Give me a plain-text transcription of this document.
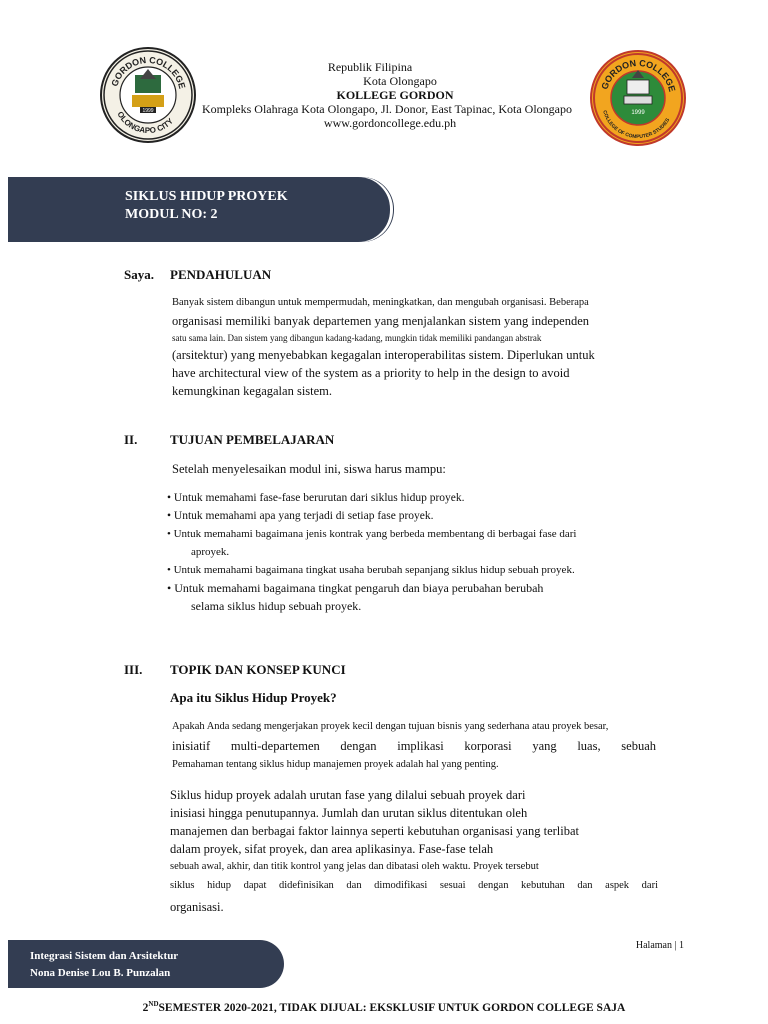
GORDON COLLEGE
OLONGAPO CITY
1999
Republik Filipina
Kota Olongapo
KOLLEGE GORDON
Kompleks Olahraga Kota Olongapo, Jl. Donor, East Tapinac, Kota Olongapo
www.gordoncollege.edu.ph
GORDON COLLEGE
COLLEGE OF COMPUTER STUDIES
1999
SIKLUS HIDUP PROYEK
MODUL NO: 2
Saya. PENDAHULUAN
Banyak sistem dibangun untuk mempermudah, meningkatkan, dan mengubah organisasi. Beberapa
organisasi memiliki banyak departemen yang menjalankan sistem yang independen
satu sama lain. Dan sistem yang dibangun kadang-kadang, mungkin tidak memiliki pandangan abstrak
(arsitektur) yang menyebabkan kegagalan interoperabilitas sistem. Diperlukan untuk
have architectural view of the system as a priority to help in the design to avoid
kemungkinan kegagalan sistem.
II.	TUJUAN PEMBELAJARAN
Setelah menyelesaikan modul ini, siswa harus mampu:
• Untuk memahami fase-fase berurutan dari siklus hidup proyek.
• Untuk memahami apa yang terjadi di setiap fase proyek.
• Untuk memahami bagaimana jenis kontrak yang berbeda membentang di berbagai fase dari
aproyek.
• Untuk memahami bagaimana tingkat usaha berubah sepanjang siklus hidup sebuah proyek.
• Untuk memahami bagaimana tingkat pengaruh dan biaya perubahan berubah
selama siklus hidup sebuah proyek.
III. TOPIK DAN KONSEP KUNCI
Apa itu Siklus Hidup Proyek?
Apakah Anda sedang mengerjakan proyek kecil dengan tujuan bisnis yang sederhana atau proyek besar,
inisiatif multi-departemen dengan implikasi korporasi yang luas, sebuah
Pemahaman tentang siklus hidup manajemen proyek adalah hal yang penting.
Siklus hidup proyek adalah urutan fase yang dilalui sebuah proyek dari
inisiasi hingga penutupannya. Jumlah dan urutan siklus ditentukan oleh
manajemen dan berbagai faktor lainnya seperti kebutuhan organisasi yang terlibat
dalam proyek, sifat proyek, dan area aplikasinya. Fase-fase telah
sebuah awal, akhir, dan titik kontrol yang jelas dan dibatasi oleh waktu. Proyek tersebut
siklus hidup dapat didefinisikan dan dimodifikasi sesuai dengan kebutuhan dan aspek dari
organisasi.
Integrasi Sistem dan Arsitektur
Nona Denise Lou B. Punzalan
Halaman | 1
2NDSEMESTER 2020-2021, TIDAK DIJUAL: EKSKLUSIF UNTUK GORDON COLLEGE SAJA
